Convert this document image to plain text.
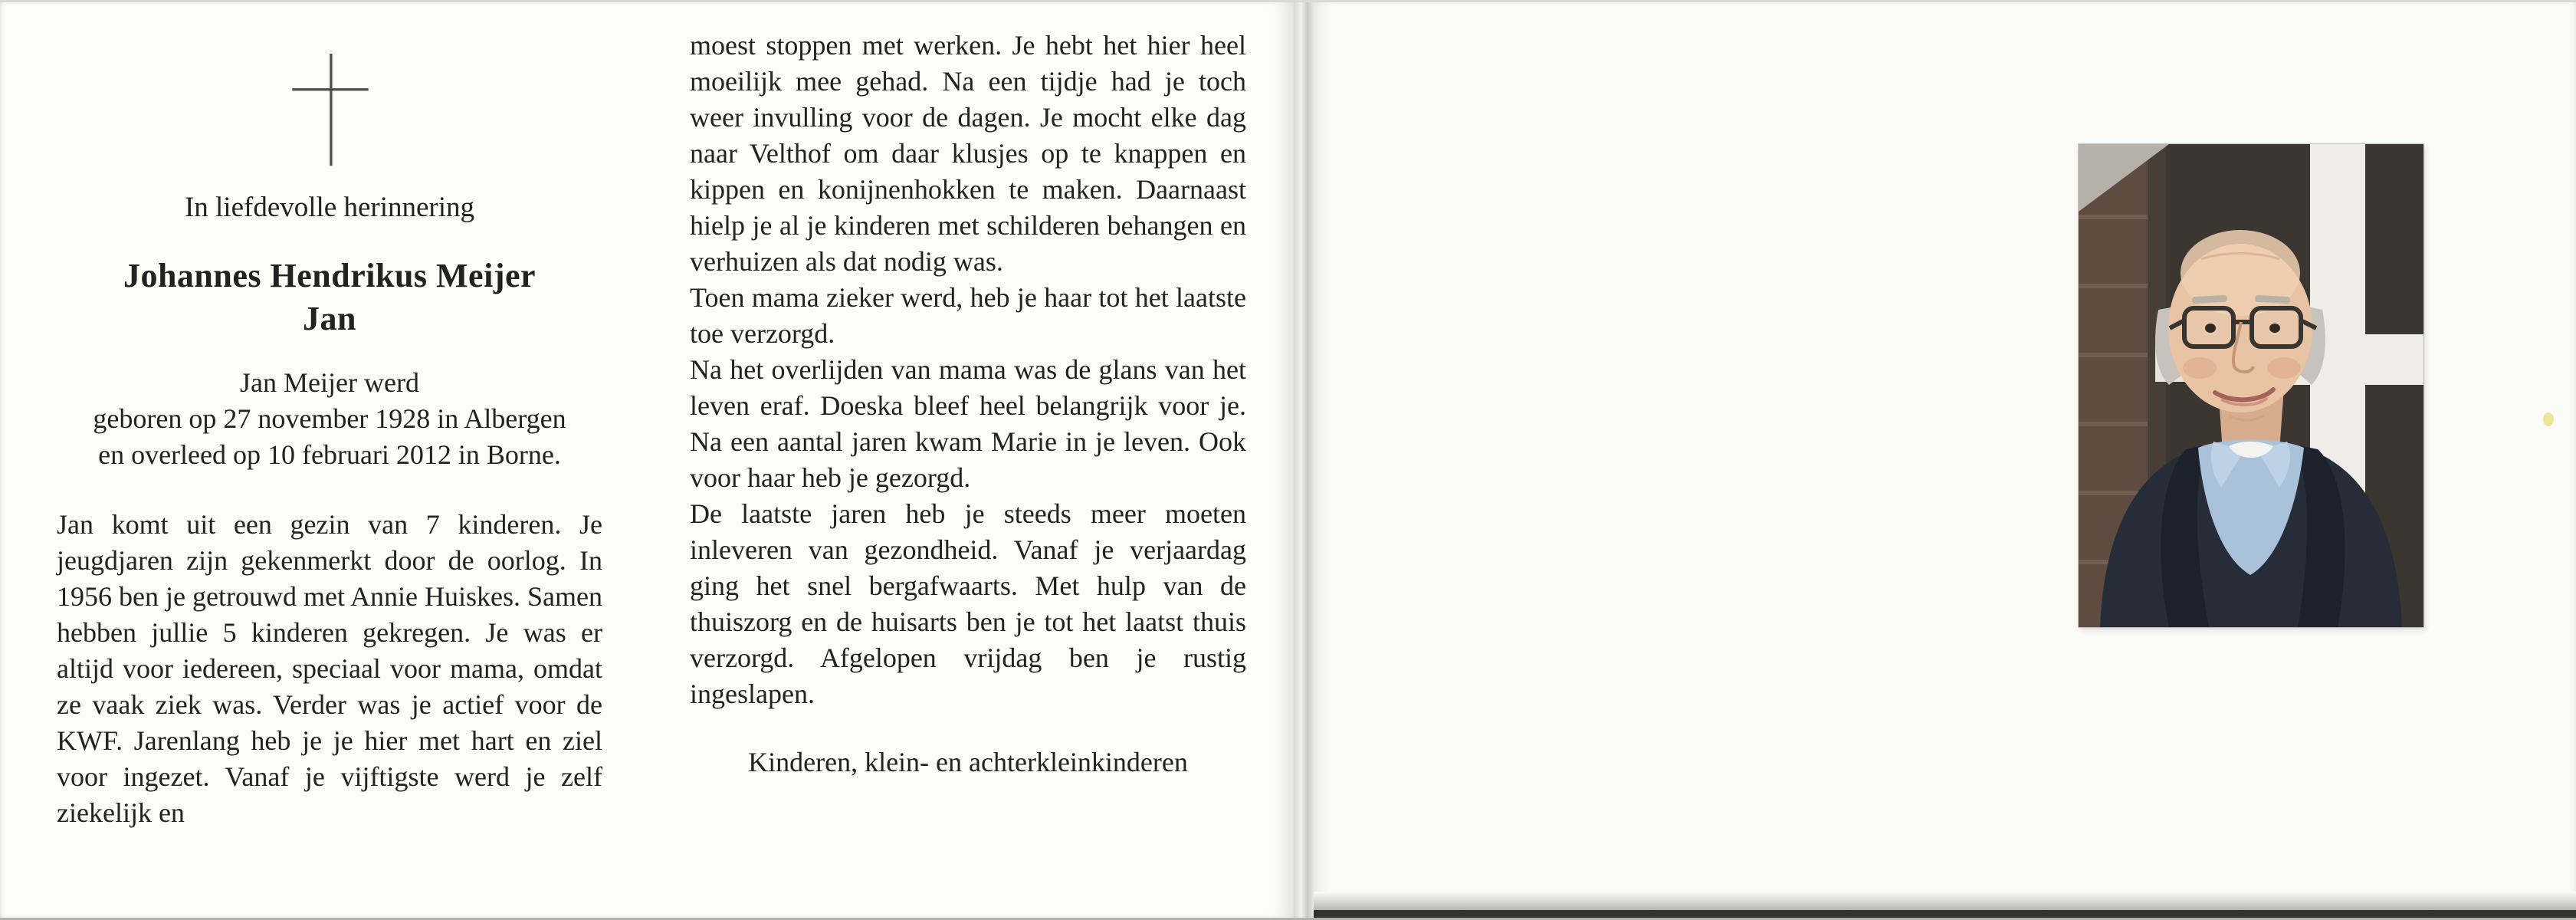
In liefdevolle herinnering
Johannes Hendrikus Meijer
Jan
Jan Meijer werd
geboren op 27 november 1928 in Albergen
en overleed op 10 februari 2012 in Borne.
Jan komt uit een gezin van 7 kinderen. Je jeugdjaren zijn gekenmerkt door de oorlog. In 1956 ben je getrouwd met Annie Huiskes. Samen hebben jullie 5 kinderen gekregen. Je was er altijd voor iedereen, speciaal voor mama, omdat ze vaak ziek was. Verder was je actief voor de KWF. Jarenlang heb je je hier met hart en ziel voor ingezet. Vanaf je vijftigste werd je zelf ziekelijk en
moest stoppen met werken. Je hebt het hier heel moeilijk mee gehad. Na een tijdje had je toch weer invulling voor de dagen. Je mocht elke dag naar Velthof om daar klusjes op te knappen en kippen en konijnenhokken te maken. Daarnaast hielp je al je kinderen met schilderen behangen en verhuizen als dat nodig was.
Toen mama zieker werd, heb je haar tot het laatste toe verzorgd.
Na het overlijden van mama was de glans van het leven eraf. Doeska bleef heel belangrijk voor je. Na een aantal jaren kwam Marie in je leven. Ook voor haar heb je gezorgd.
De laatste jaren heb je steeds meer moeten inleveren van gezondheid. Vanaf je verjaardag ging het snel bergafwaarts. Met hulp van de thuiszorg en de huisarts ben je tot het laatst thuis verzorgd. Afgelopen vrijdag ben je rustig ingeslapen.
Kinderen, klein- en achterkleinkinderen
